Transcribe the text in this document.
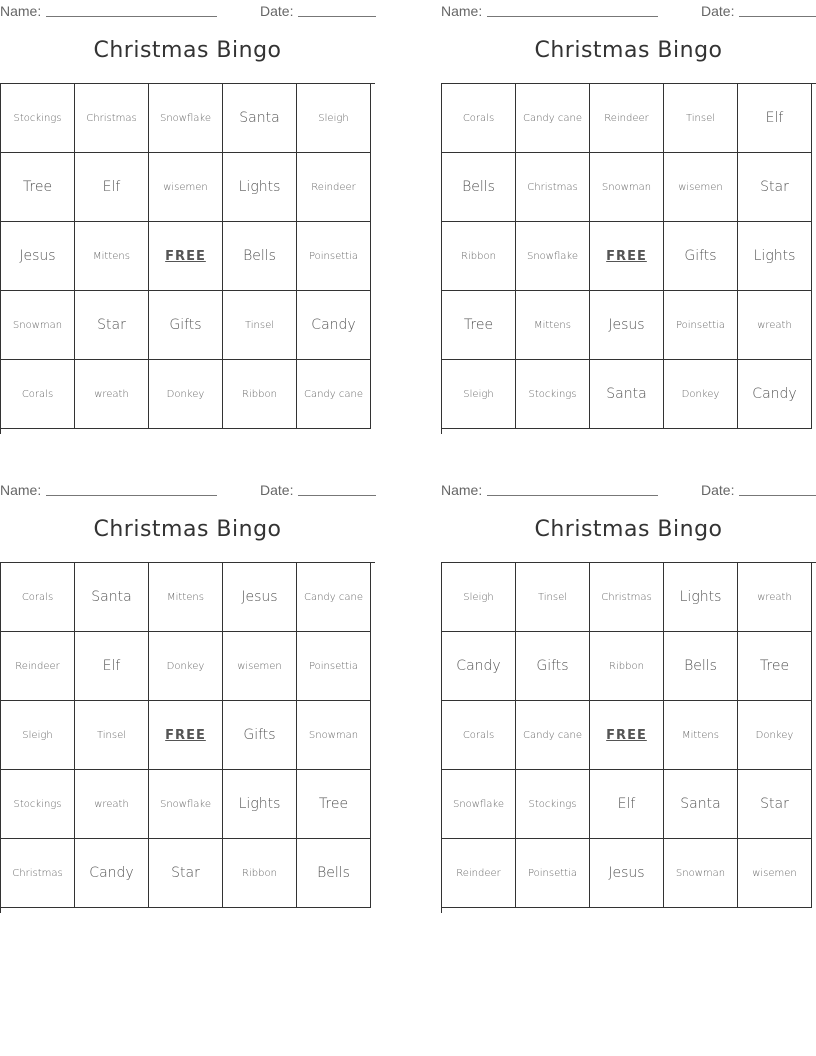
Name:	Date:
Christmas Bingo
Stockings	Christmas	Snowflake	Santa	Sleigh
Tree	Elf	wisemen	Lights	Reindeer
Jesus	Mittens	FREE	Bells	Poinsettia
Snowman	Star	Gifts	Tinsel	Candy
Corals	wreath	Donkey	Ribbon	Candy cane
Name:	Date:
Christmas Bingo
Corals	Candy cane	Reindeer	Tinsel	Elf
Bells	Christmas	Snowman	wisemen	Star
Ribbon	Snowflake	FREE	Gifts	Lights
Tree	Mittens	Jesus	Poinsettia	wreath
Sleigh	Stockings	Santa	Donkey	Candy
Name:	Date:
Christmas Bingo
Corals	Santa	Mittens	Jesus	Candy cane
Reindeer	Elf	Donkey	wisemen	Poinsettia
Sleigh	Tinsel	FREE	Gifts	Snowman
Stockings	wreath	Snowflake	Lights	Tree
Christmas	Candy	Star	Ribbon	Bells
Name:	Date:
Christmas Bingo
Sleigh	Tinsel	Christmas	Lights	wreath
Candy	Gifts	Ribbon	Bells	Tree
Corals	Candy cane	FREE	Mittens	Donkey
Snowflake	Stockings	Elf	Santa	Star
Reindeer	Poinsettia	Jesus	Snowman	wisemen
